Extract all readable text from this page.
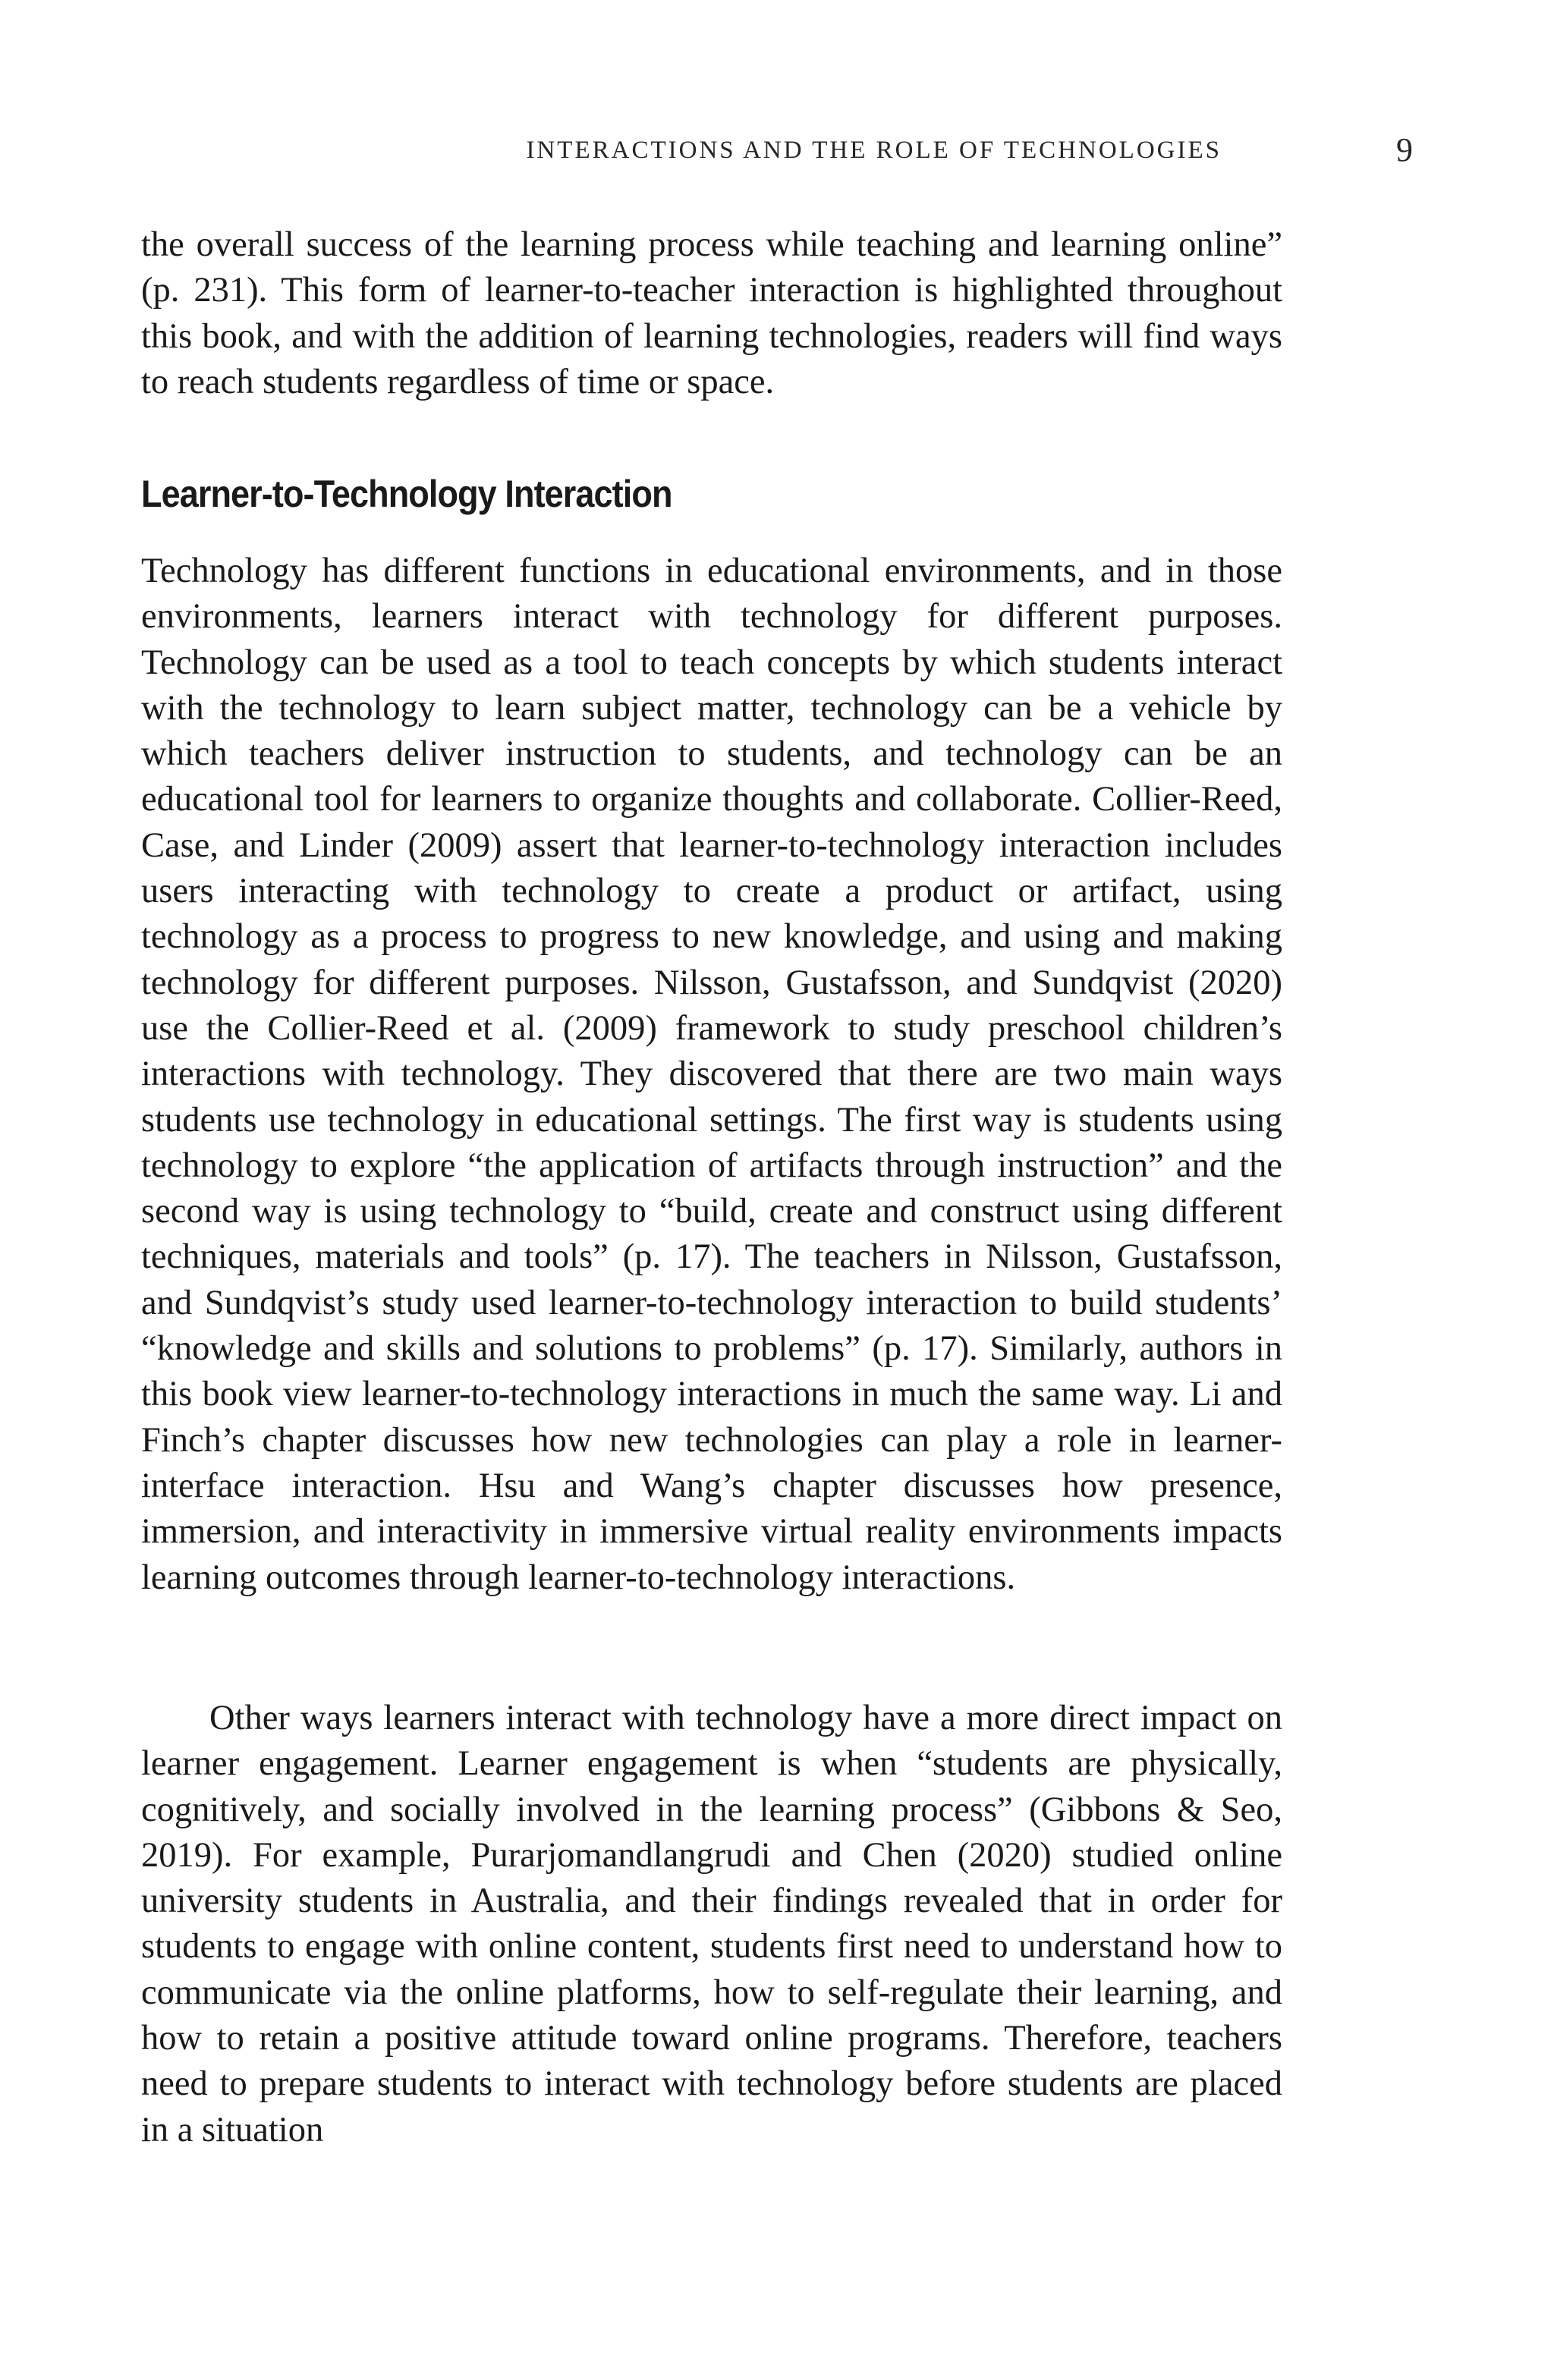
INTERACTIONS AND THE ROLE OF TECHNOLOGIES	9

the overall success of the learning process while teaching and learning online” (p. 231). This form of learner-to-teacher interaction is highlighted throughout this book, and with the addition of learning technologies, readers will find ways to reach students regardless of time or space.

Learner-to-Technology Interaction

Technology has different functions in educational environments, and in those environments, learners interact with technology for different purposes. Technology can be used as a tool to teach concepts by which students interact with the technology to learn subject matter, technology can be a vehicle by which teachers deliver instruction to students, and technology can be an educational tool for learners to organize thoughts and collaborate. Collier-Reed, Case, and Linder (2009) assert that learner-to-technology interaction includes users interacting with technology to create a product or artifact, using technology as a process to progress to new knowledge, and using and making technology for different purposes. Nilsson, Gustafsson, and Sundqvist (2020) use the Collier-Reed et al. (2009) framework to study preschool children’s interactions with technology. They discovered that there are two main ways students use technology in educational settings. The first way is students using technology to explore “the application of artifacts through instruction” and the second way is using technology to “build, create and construct using different techniques, materials and tools” (p. 17). The teachers in Nilsson, Gustafsson, and Sundqvist’s study used learner-to-technology interaction to build students’ “knowledge and skills and solutions to problems” (p. 17). Similarly, authors in this book view learner-to-technology interactions in much the same way. Li and Finch’s chapter discusses how new technologies can play a role in learner-interface interaction. Hsu and Wang’s chapter discusses how presence, immersion, and interactivity in immersive virtual reality environments impacts learning outcomes through learner-to-technology interactions.

Other ways learners interact with technology have a more direct impact on learner engagement. Learner engagement is when “students are physically, cognitively, and socially involved in the learning process” (Gibbons & Seo, 2019). For example, Purarjomandlangrudi and Chen (2020) studied online university students in Australia, and their findings revealed that in order for students to engage with online content, students first need to understand how to communicate via the online platforms, how to self-regulate their learning, and how to retain a positive attitude toward online programs. Therefore, teachers need to prepare students to interact with technology before students are placed in a situation
